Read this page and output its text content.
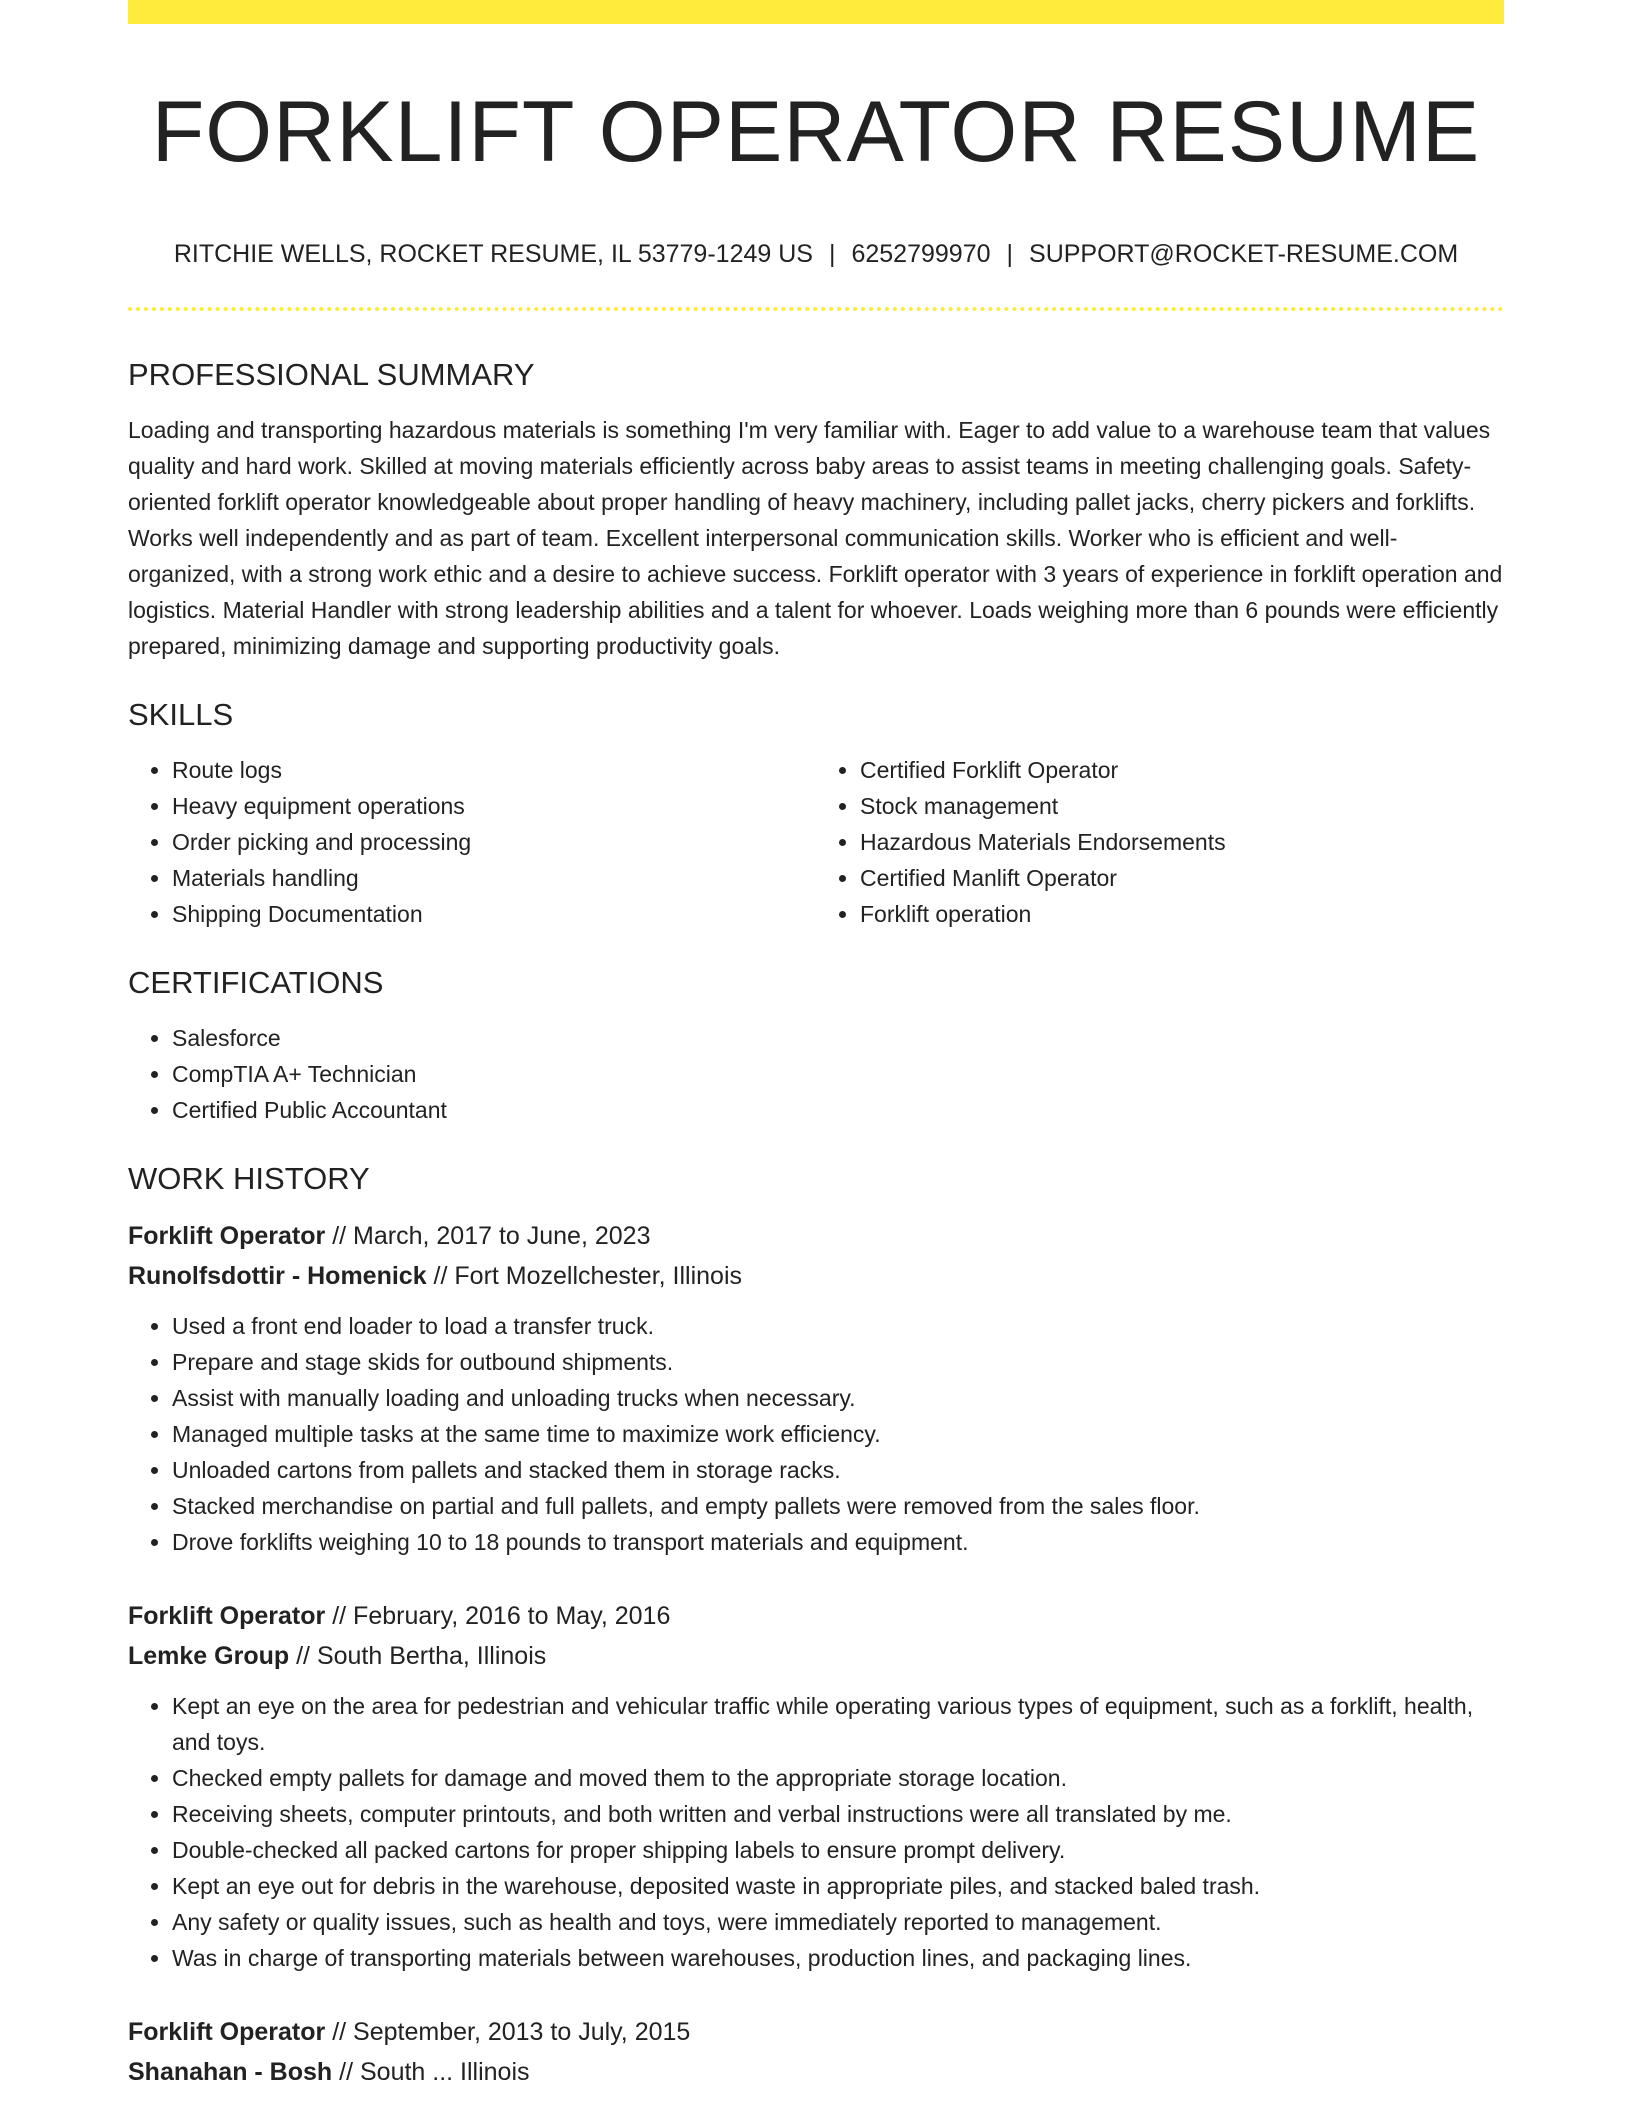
FORKLIFT OPERATOR RESUME
RITCHIE WELLS, ROCKET RESUME, IL 53779-1249 US | 6252799970 | SUPPORT@ROCKET-RESUME.COM
PROFESSIONAL SUMMARY

Loading and transporting hazardous materials is something I'm very familiar with. Eager to add value to a warehouse team that values quality and hard work. Skilled at moving materials efficiently across baby areas to assist teams in meeting challenging goals. Safety-oriented forklift operator knowledgeable about proper handling of heavy machinery, including pallet jacks, cherry pickers and forklifts. Works well independently and as part of team. Excellent interpersonal communication skills. Worker who is efficient and well-organized, with a strong work ethic and a desire to achieve success. Forklift operator with 3 years of experience in forklift operation and logistics. Material Handler with strong leadership abilities and a talent for whoever. Loads weighing more than 6 pounds were efficiently prepared, minimizing damage and supporting productivity goals.

SKILLS
• Route logs
• Heavy equipment operations
• Order picking and processing
• Materials handling
• Shipping Documentation
• Certified Forklift Operator
• Stock management
• Hazardous Materials Endorsements
• Certified Manlift Operator
• Forklift operation
CERTIFICATIONS
• Salesforce
• CompTIA A+ Technician
• Certified Public Accountant
WORK HISTORY
Forklift Operator // March, 2017 to June, 2023
Runolfsdottir - Homenick // Fort Mozellchester, Illinois
• Used a front end loader to load a transfer truck.
• Prepare and stage skids for outbound shipments.
• Assist with manually loading and unloading trucks when necessary.
• Managed multiple tasks at the same time to maximize work efficiency.
• Unloaded cartons from pallets and stacked them in storage racks.
• Stacked merchandise on partial and full pallets, and empty pallets were removed from the sales floor.
• Drove forklifts weighing 10 to 18 pounds to transport materials and equipment.
Forklift Operator // February, 2016 to May, 2016
Lemke Group // South Bertha, Illinois
• Kept an eye on the area for pedestrian and vehicular traffic while operating various types of equipment, such as a forklift, health, and toys.
• Checked empty pallets for damage and moved them to the appropriate storage location.
• Receiving sheets, computer printouts, and both written and verbal instructions were all translated by me.
• Double-checked all packed cartons for proper shipping labels to ensure prompt delivery.
• Kept an eye out for debris in the warehouse, deposited waste in appropriate piles, and stacked baled trash.
• Any safety or quality issues, such as health and toys, were immediately reported to management.
• Was in charge of transporting materials between warehouses, production lines, and packaging lines.
Forklift Operator // September, 2013 to July, 2015
Shanahan - Bosh // South ... Illinois
